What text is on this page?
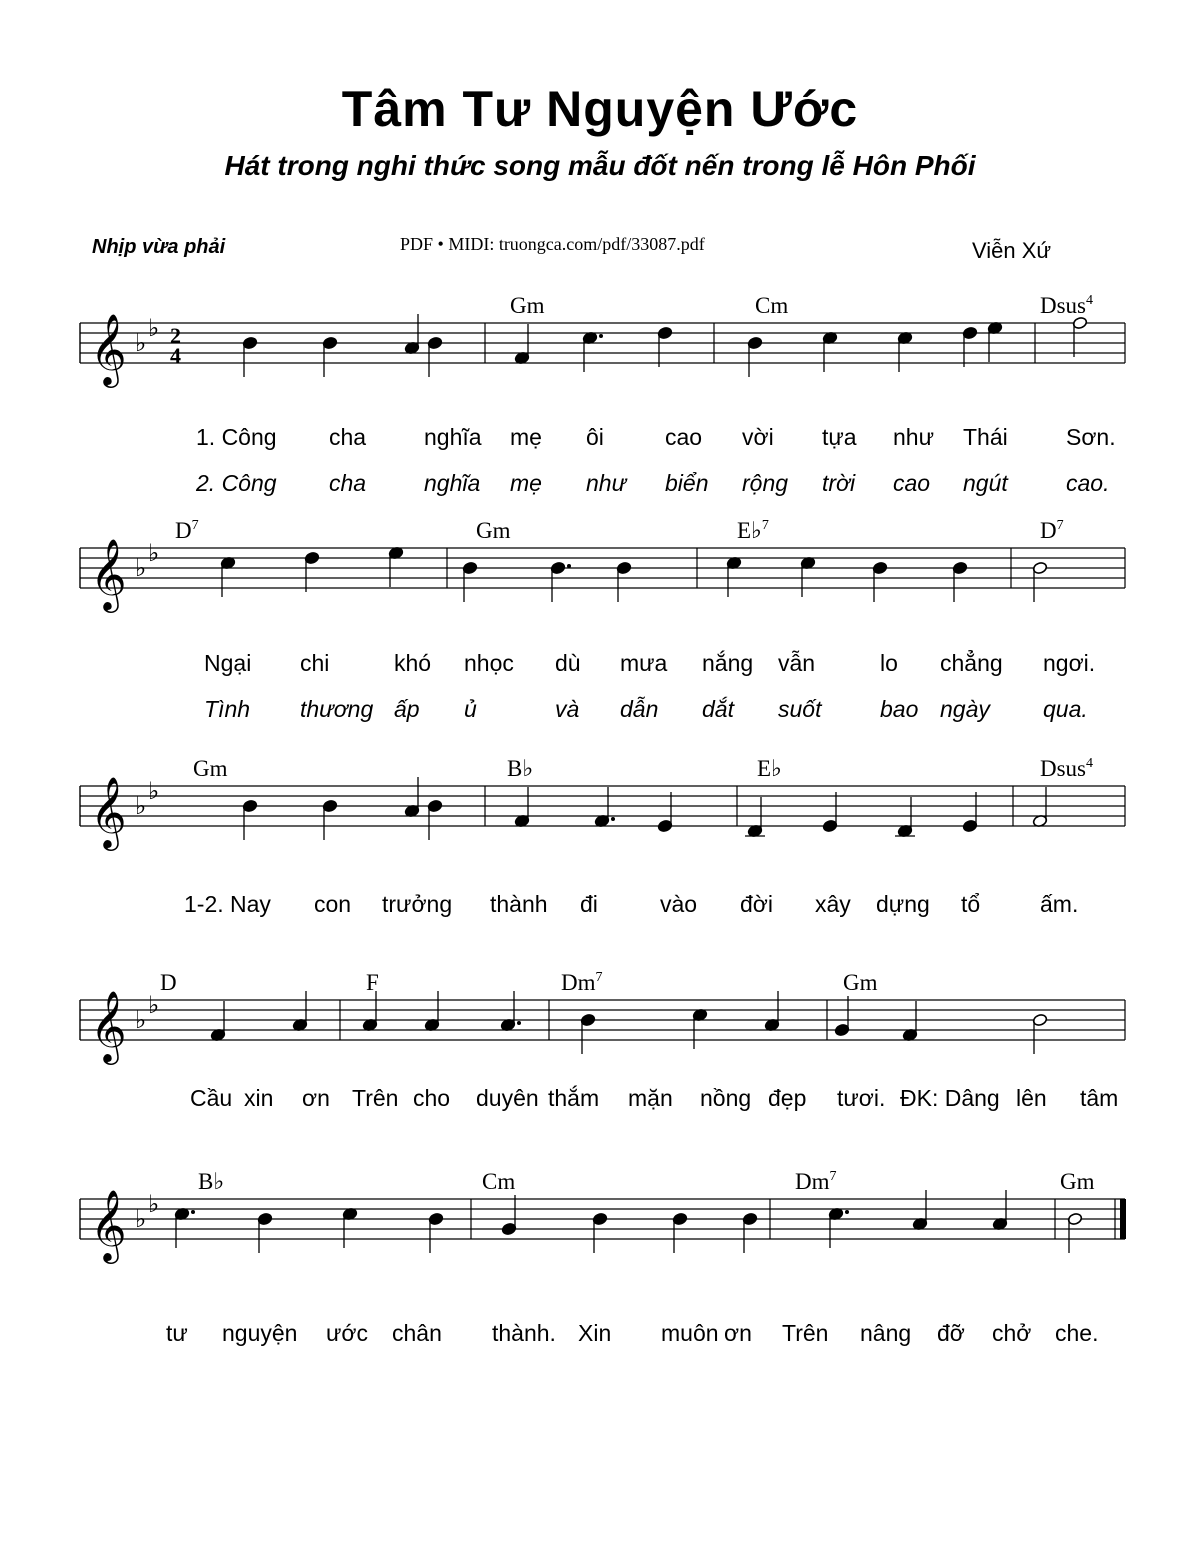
Tâm Tư Nguyện Ước
Hát trong nghi thức song mẫu đốt nến trong lễ Hôn Phối
Nhịp vừa phải	PDF • MIDI: truongca.com/pdf/33087.pdf	Viễn Xứ
𝄞 ♭
♭ 2
4
𝄞 ♭
♭
𝄞 ♭
♭
𝄞 ♭
♭
𝄞 ♭
♭
Gm	Cm	Dsus$^4$
$D^7$	Gm	E♭$^7$	$D^7$
Gm	B♭	E♭	Dsus$^4$
D	F	Dm$^7$	Gm
B♭	Cm	Dm$^7$	Gm
1. Công cha	nghĩa mẹ ôi	cao vời tựa như Thái	Sơn.
2. Công cha	nghĩa mẹ như biển rộng trời cao ngút	cao.
Ngại chi	khó nhọc dù mưa nắng vẫn	lo chẳng ngơi.
Tình thương ấp ủ	và dẫn dắt suốt	bao ngày qua.
1-2. Nay con trưởng thành đi	vào đời xây dựng tổ	ấm.
Cầu xin ơn Trên cho duyên thắm mặn nồng đẹp tươi. ĐK: Dâng lên tâm
tư nguyện ước chân thành. Xin muôn ơn Trên nâng đỡ chở che.
